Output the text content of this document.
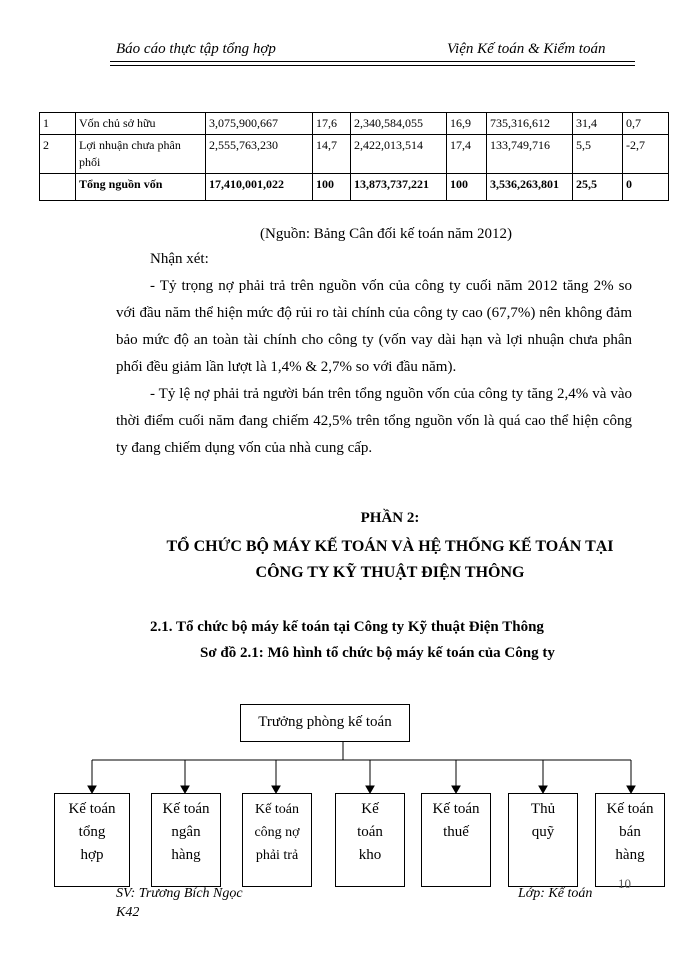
Báo cáo thực tập tổng hợp	Viện Kế toán & Kiểm toán
1	Vốn chủ sở hữu	3,075,900,667	17,6	2,340,584,055	16,9	735,316,612	31,4	0,7
2	Lợi nhuận chưa phân phối	2,555,763,230	14,7	2,422,013,514	17,4	133,749,716	5,5	-2,7
	Tổng nguồn vốn	17,410,001,022	100	13,873,737,221	100	3,536,263,801	25,5	0
(Nguồn: Bảng Cân đối kế toán năm 2012)
Nhận xét:
- Tỷ trọng nợ phải trả trên nguồn vốn của công ty cuối năm 2012 tăng 2% so với đầu năm thể hiện mức độ rủi ro tài chính của công ty cao (67,7%) nên không đảm bảo mức độ an toàn tài chính cho công ty (vốn vay dài hạn và lợi nhuận chưa phân phối đều giảm lần lượt là 1,4% & 2,7% so với đầu năm).
- Tỷ lệ nợ phải trả người bán trên tổng nguồn vốn của công ty tăng 2,4% và vào thời điểm cuối năm đang chiếm 42,5% trên tổng nguồn vốn là quá cao thể hiện công ty đang chiếm dụng vốn của nhà cung cấp.
PHẦN 2:
TỔ CHỨC BỘ MÁY KẾ TOÁN VÀ HỆ THỐNG KẾ TOÁN TẠI
CÔNG TY KỸ THUẬT ĐIỆN THÔNG
2.1. Tổ chức bộ máy kế toán tại Công ty Kỹ thuật Điện Thông
Sơ đồ 2.1: Mô hình tổ chức bộ máy kế toán của Công ty
Trưởng phòng kế toán
Kế toán
tổng
hợp
Kế toán
ngân
hàng
Kế toán
công nợ
phải trả
Kế
toán
kho
Kế toán
thuế
Thủ
quỹ
Kế toán
bán
hàng
SV: Trương Bích Ngọc
K42
Lớp: Kế toán
10
